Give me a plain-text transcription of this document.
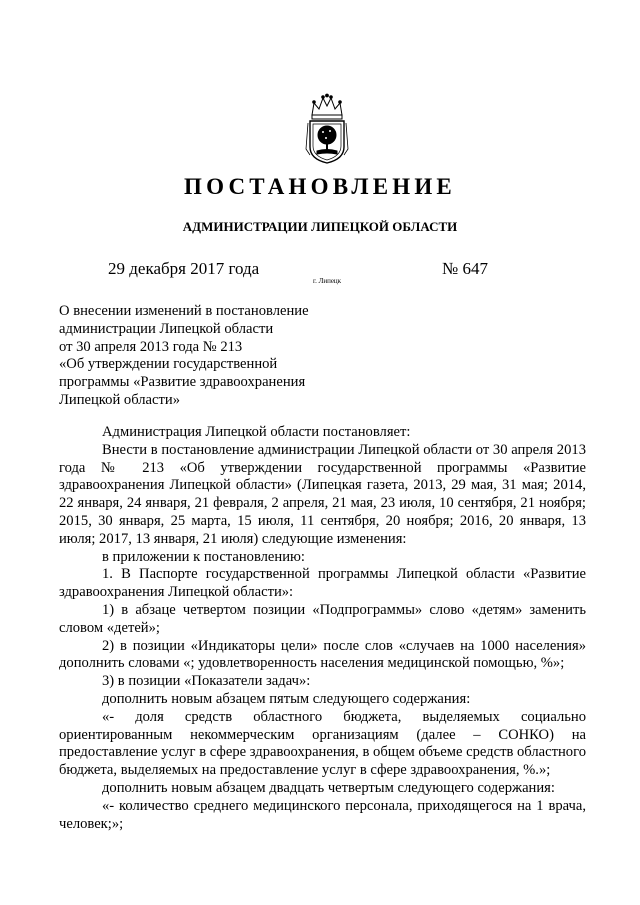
ПОСТАНОВЛЕНИЕ
АДМИНИСТРАЦИИ ЛИПЕЦКОЙ ОБЛАСТИ
29 декабря 2017 года
г. Липецк
№ 647
О внесении изменений в постановление
администрации Липецкой области
от 30 апреля 2013 года № 213
«Об утверждении государственной
программы «Развитие здравоохранения
Липецкой области»

Администрация Липецкой области постановляет:

Внести в постановление администрации Липецкой области от 30 апреля 2013 года № 213 «Об утверждении государственной программы «Развитие здравоохранения Липецкой области» (Липецкая газета, 2013, 29 мая, 31 мая; 2014, 22 января, 24 января, 21 февраля, 2 апреля, 21 мая, 23 июля, 10 сентября, 21 ноября; 2015, 30 января, 25 марта, 15 июля, 11 сентября, 20 ноября; 2016, 20 января, 13 июля; 2017, 13 января, 21 июля) следующие изменения:

в приложении к постановлению:

1. В Паспорте государственной программы Липецкой области «Развитие здравоохранения Липецкой области»:

1) в абзаце четвертом позиции «Подпрограммы» слово «детям» заменить словом «детей»;

2) в позиции «Индикаторы цели» после слов «случаев на 1000 населения» дополнить словами «; удовлетворенность населения медицинской помощью, %»;

3) в позиции «Показатели задач»:

дополнить новым абзацем пятым следующего содержания:

«- доля средств областного бюджета, выделяемых социально ориентированным некоммерческим организациям (далее – СОНКО) на предоставление услуг в сфере здравоохранения, в общем объеме средств областного бюджета, выделяемых на предоставление услуг в сфере здравоохранения, %.»;

дополнить новым абзацем двадцать четвертым следующего содержания:

«- количество среднего медицинского персонала, приходящегося на 1 врача, человек;»;
